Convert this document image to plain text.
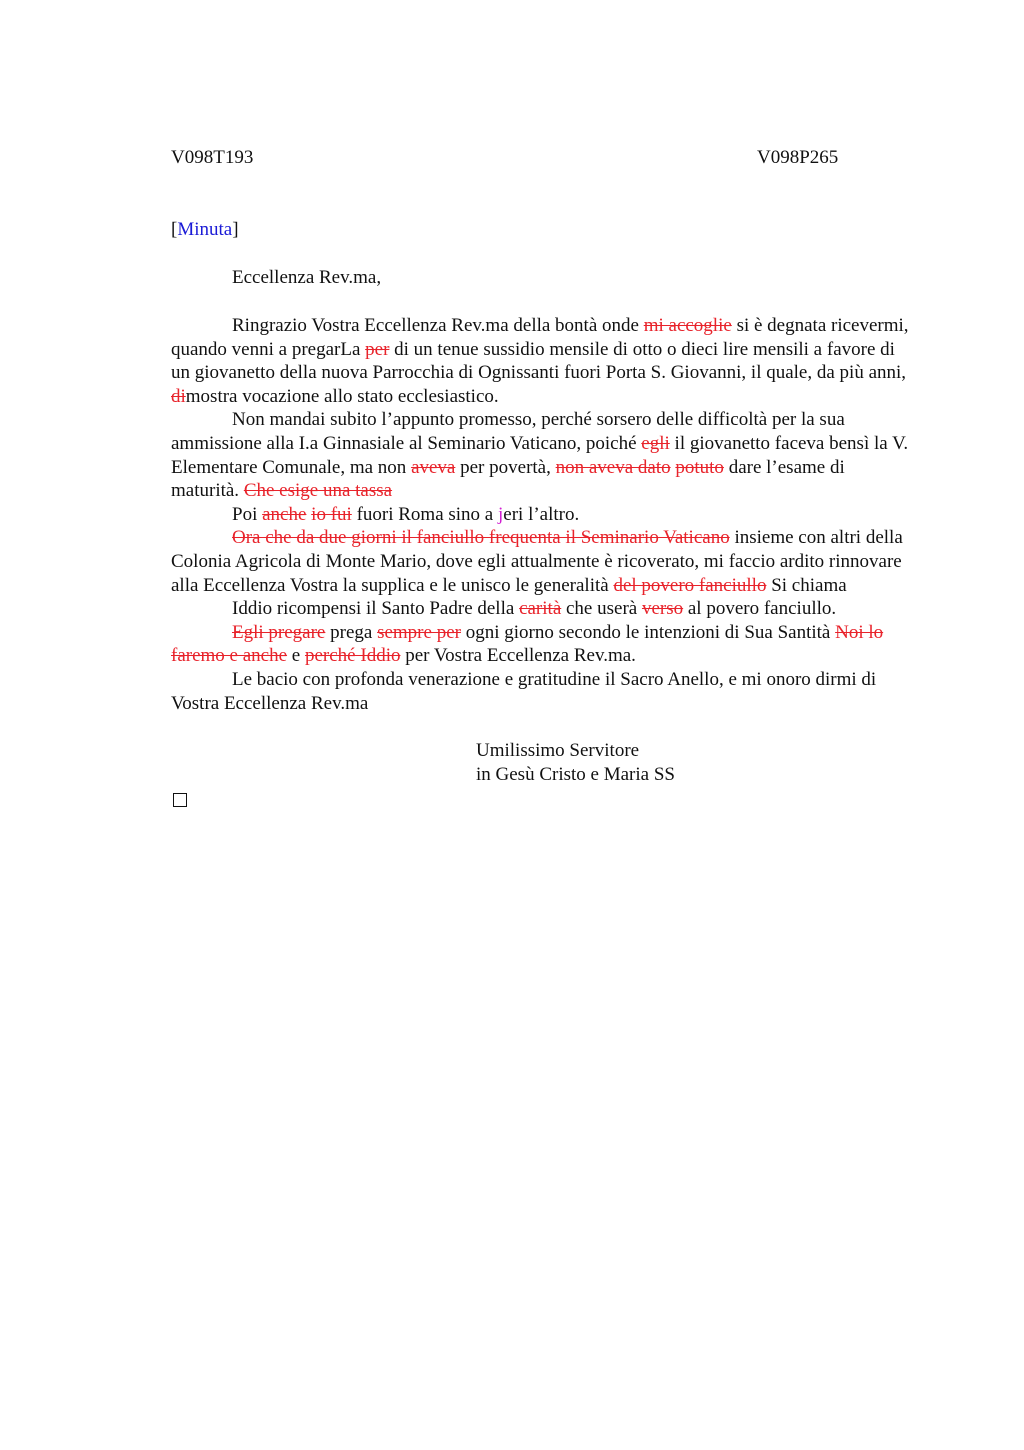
V098T193	V098P265
[Minuta]
Eccellenza Rev.ma,

Ringrazio Vostra Eccellenza Rev.ma della bontà onde mi accoglie si è degnata ricevermi, quando venni a pregarLa per di un tenue sussidio mensile di otto o dieci lire mensili a favore di un giovanetto della nuova Parrocchia di Ognissanti fuori Porta S. Giovanni, il quale, da più anni, dimostra vocazione allo stato ecclesiastico.

Non mandai subito l’appunto promesso, perché sorsero delle difficoltà per la sua ammissione alla I.a Ginnasiale al Seminario Vaticano, poiché egli il giovanetto faceva bensì la V. Elementare Comunale, ma non aveva per povertà, non aveva dato potuto dare l’esame di maturità. Che esige una tassa

Poi anche io fui fuori Roma sino a jeri l’altro.

Ora che da due giorni il fanciullo frequenta il Seminario Vaticano insieme con altri della Colonia Agricola di Monte Mario, dove egli attualmente è ricoverato, mi faccio ardito rinnovare alla Eccellenza Vostra la supplica e le unisco le generalità del povero fanciullo Si chiama

Iddio ricompensi il Santo Padre della carità che userà verso al povero fanciullo.

Egli pregare prega sempre per ogni giorno secondo le intenzioni di Sua Santità Noi lo faremo e anche e perché Iddio per Vostra Eccellenza Rev.ma.

Le bacio con profonda venerazione e gratitudine il Sacro Anello, e mi onoro dirmi di Vostra Eccellenza Rev.ma

Umilissimo Servitore
in Gesù Cristo e Maria SS
